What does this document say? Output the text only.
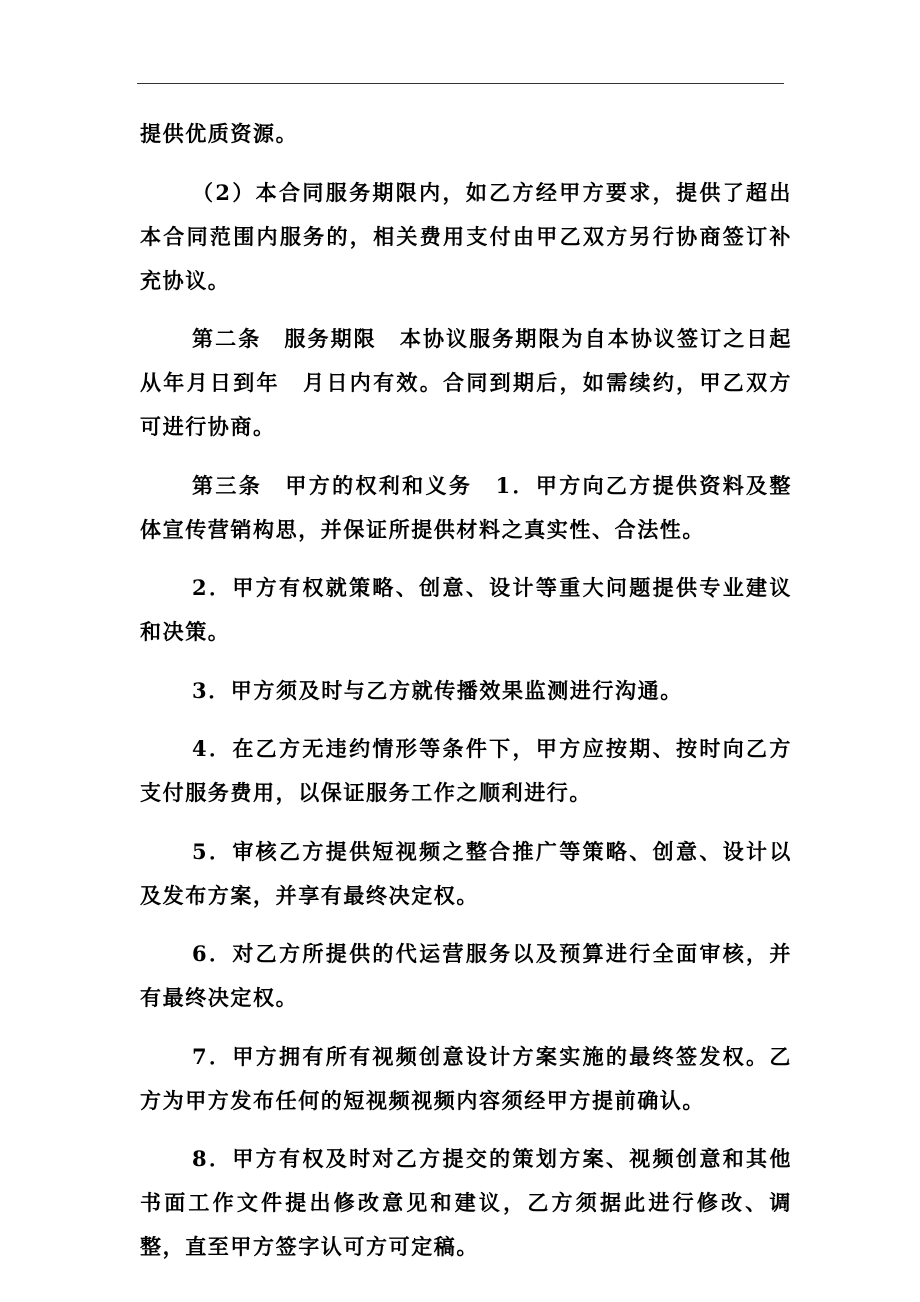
提供优质资源。

（2）本合同服务期限内，如乙方经甲方要求，提供了超出本合同范围内服务的，相关费用支付由甲乙双方另行协商签订补充协议。

第二条　服务期限　本协议服务期限为自本协议签订之日起从年月日到年　月日内有效。合同到期后，如需续约，甲乙双方可进行协商。

第三条　甲方的权利和义务　1．甲方向乙方提供资料及整体宣传营销构思，并保证所提供材料之真实性、合法性。

2．甲方有权就策略、创意、设计等重大问题提供专业建议和决策。

3．甲方须及时与乙方就传播效果监测进行沟通。

4．在乙方无违约情形等条件下，甲方应按期、按时向乙方支付服务费用，以保证服务工作之顺利进行。

5．审核乙方提供短视频之整合推广等策略、创意、设计以及发布方案，并享有最终决定权。

6．对乙方所提供的代运营服务以及预算进行全面审核，并有最终决定权。

7．甲方拥有所有视频创意设计方案实施的最终签发权。乙方为甲方发布任何的短视频视频内容须经甲方提前确认。

8．甲方有权及时对乙方提交的策划方案、视频创意和其他书面工作文件提出修改意见和建议，乙方须据此进行修改、调整，直至甲方签字认可方可定稿。
